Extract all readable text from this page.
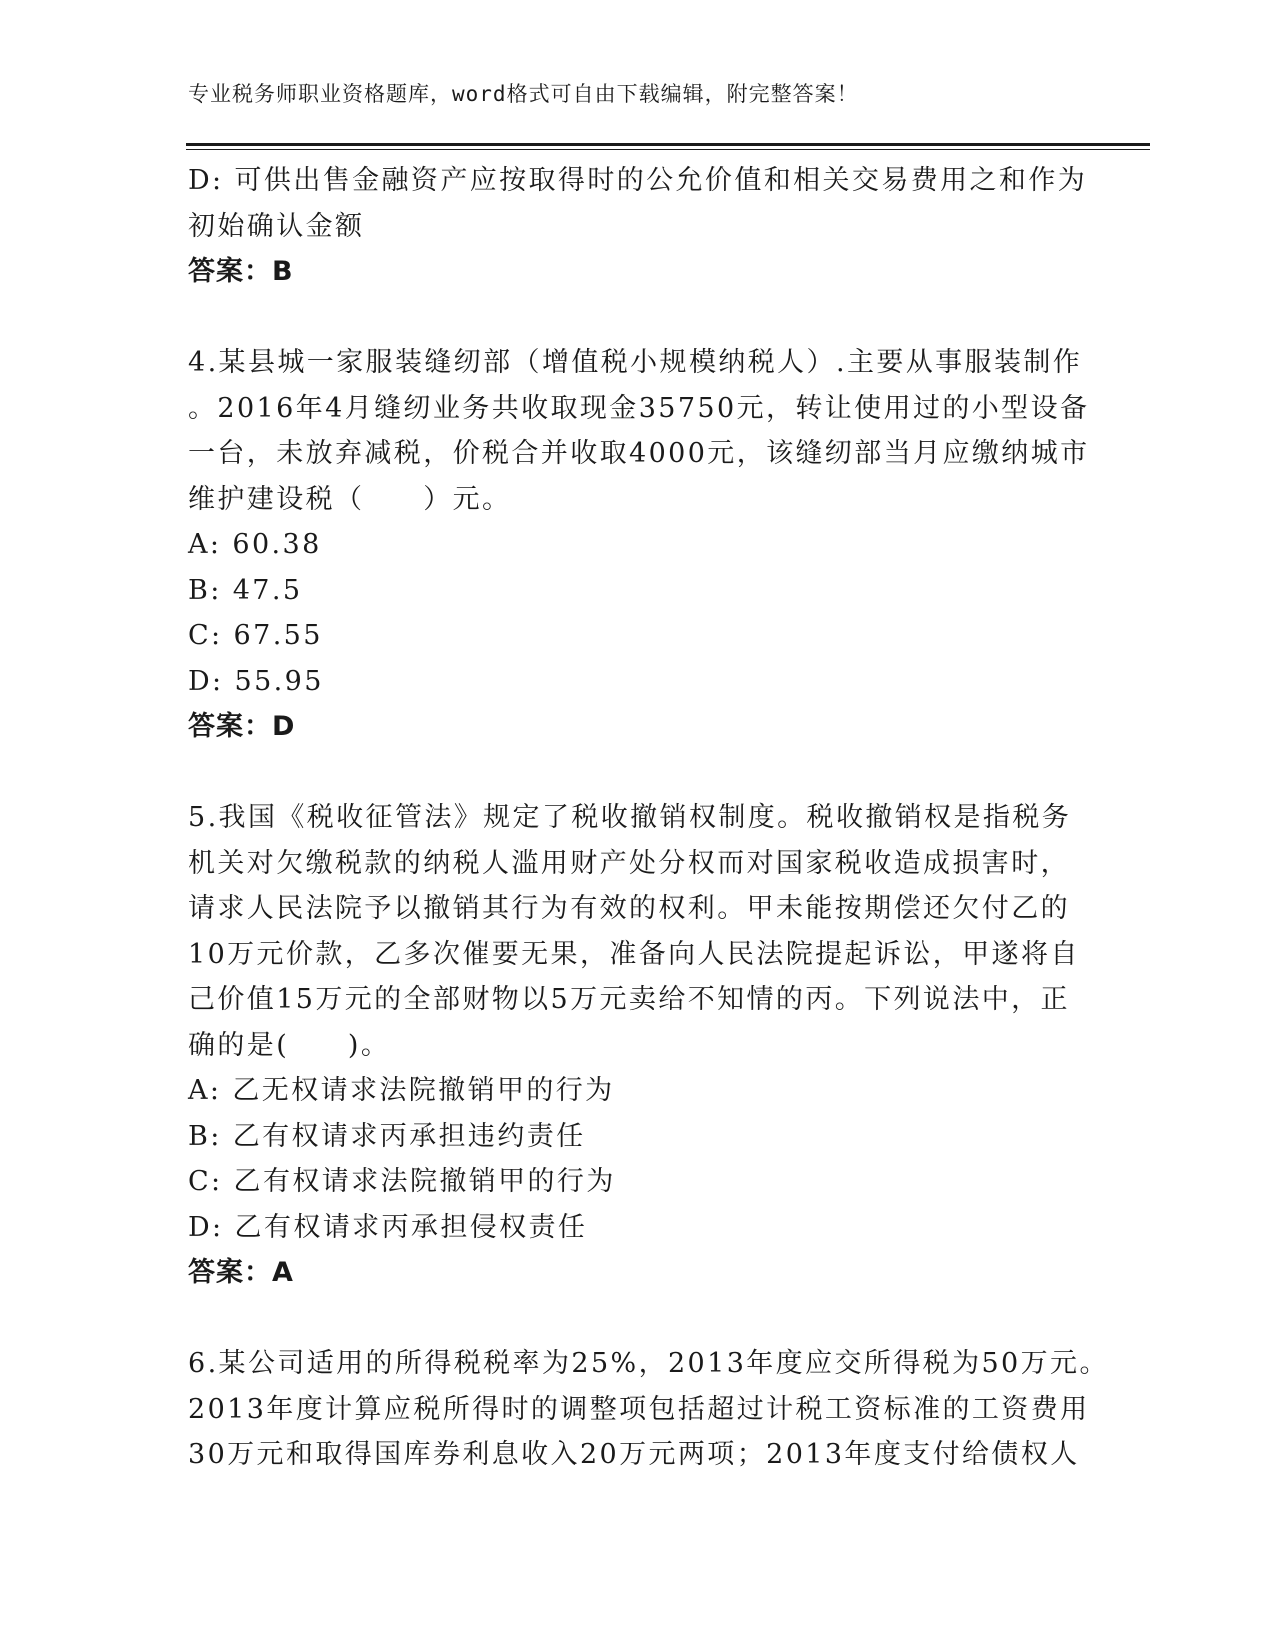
专业税务师职业资格题库，word格式可自由下载编辑，附完整答案！
D: 可供出售金融资产应按取得时的公允价值和相关交易费用之和作为
初始确认金额
答案：B
4.某县城一家服装缝纫部（增值税小规模纳税人）.主要从事服装制作
。2016年4月缝纫业务共收取现金35750元，转让使用过的小型设备
一台，未放弃减税，价税合并收取4000元，该缝纫部当月应缴纳城市
维护建设税（　　）元。
A: 60.38
B: 47.5
C: 67.55
D: 55.95
答案：D
5.我国《税收征管法》规定了税收撤销权制度。税收撤销权是指税务
机关对欠缴税款的纳税人滥用财产处分权而对国家税收造成损害时，
请求人民法院予以撤销其行为有效的权利。甲未能按期偿还欠付乙的
10万元价款，乙多次催要无果，准备向人民法院提起诉讼，甲遂将自
己价值15万元的全部财物以5万元卖给不知情的丙。下列说法中，正
确的是(　　)。
A: 乙无权请求法院撤销甲的行为
B: 乙有权请求丙承担违约责任
C: 乙有权请求法院撤销甲的行为
D: 乙有权请求丙承担侵权责任
答案：A
6.某公司适用的所得税税率为25%，2013年度应交所得税为50万元。
2013年度计算应税所得时的调整项包括超过计税工资标准的工资费用
30万元和取得国库券利息收入20万元两项；2013年度支付给债权人
